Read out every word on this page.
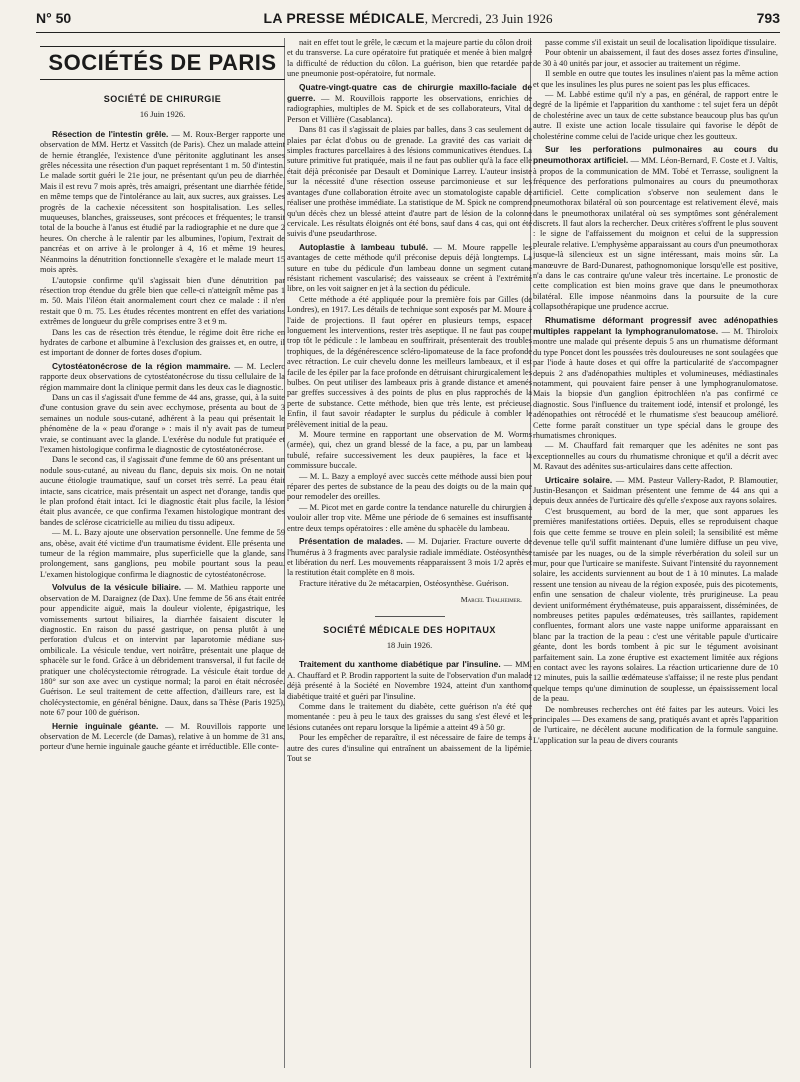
N° 50	LA PRESSE MÉDICALE, Mercredi, 23 Juin 1926	793
SOCIÉTÉS DE PARIS
SOCIÉTÉ DE CHIRURGIE
16 Juin 1926.

Résection de l'intestin grêle. — M. Roux-Berger rapporte une observation de MM. Hertz et Vassitch (de Paris). Chez un malade atteint de hernie étranglée, l'existence d'une péritonite agglutinant les anses grêles nécessita une résection d'un paquet représentant 1 m. 50 d'intestin. Le malade sortit guéri le 21e jour, ne présentant qu'un peu de diarrhée. Mais il est revu 7 mois après, très amaigri, présentant une diarrhée fétide, en même temps que de l'intolérance au lait, aux sucres, aux graisses. Les progrès de la cachexie nécessitent son hospitalisation. Les selles, muqueuses, blanches, graisseuses, sont précoces et fréquentes; le transit total de la bouche à l'anus est étudié par la radiographie et ne dure que 2 heures. On cherche à le ralentir par les albumines, l'opium, l'extrait de pancréas et on arrive à le prolonger à 4, 16 et même 19 heures. Néanmoins la dénutrition fonctionnelle s'exagère et le malade meurt 15 mois après.

L'autopsie confirme qu'il s'agissait bien d'une dénutrition par résection trop étendue du grêle bien que celle-ci n'atteignît même pas 1 m. 50. Mais l'iléon était anormalement court chez ce malade : il n'en restait que 0 m. 75. Les études récentes montrent en effet des variations extrêmes de longueur du grêle comprises entre 3 et 9 m.

Dans les cas de résection très étendue, le régime doit être riche en hydrates de carbone et albumine à l'exclusion des graisses et, en outre, il est important de donner de fortes doses d'opium.

Cytostéatonécrose de la région mammaire. — M. Leclerc rapporte deux observations de cytostéatonécrose du tissu cellulaire de la région mammaire dont la clinique permit dans les deux cas le diagnostic.

Dans un cas il s'agissait d'une femme de 44 ans, grasse, qui, à la suite d'une contusion grave du sein avec ecchymose, présenta au bout de 3 semaines un nodule sous-cutané, adhérent à la peau qui présentait le phénomène de la « peau d'orange » : mais il n'y avait pas de tumeur vraie, se continuant avec la glande. L'exérèse du nodule fut pratiquée et l'examen histologique confirma le diagnostic de cytostéatonécrose.

Dans le second cas, il s'agissait d'une femme de 60 ans présentant un nodule sous-cutané, au niveau du flanc, depuis six mois. On ne notait aucune étiologie traumatique, sauf un corset très serré. La peau était intacte, sans cicatrice, mais présentait un aspect net d'orange, tandis que le plan profond était intact. Ici le diagnostic était plus facile, la lésion était plus avancée, ce que confirma l'examen histologique montrant des bandes de sclérose cicatricielle au milieu du tissu adipeux.

— M. L. Bazy ajoute une observation personnelle. Une femme de 59 ans, obèse, avait été victime d'un traumatisme évident. Elle présenta une tumeur de la région mammaire, plus superficielle que la glande, sans prolongement, sans ganglions, peu mobile pourtant sous la peau. L'examen histologique confirma le diagnostic de cytostéatonécrose.

Volvulus de la vésicule biliaire. — M. Mathieu rapporte une observation de M. Daraignez (de Dax). Une femme de 56 ans était entrée pour appendicite aiguë, mais la douleur violente, épigastrique, les vomissements surtout biliaires, la diarrhée faisaient discuter le diagnostic. En raison du passé gastrique, on pensa plutôt à une perforation d'ulcus et on intervint par laparotomie médiane sus-ombilicale. La vésicule tendue, vert noirâtre, présentait une plaque de sphacèle sur le fond. Grâce à un débridement transversal, il fut facile de pratiquer une cholécystectomie rétrograde. La vésicule était tordue de 180° sur son axe avec un cystique normal; la paroi en était nécrosée. Guérison. Le seul traitement de cette affection, d'ailleurs rare, est la cholécystectomie, en général bénigne. Daux, dans sa Thèse (Paris 1925), note 67 pour 100 de guérison.

Hernie inguinale géante. — M. Rouvillois rapporte une observation de M. Lecercle (de Damas), relative à un homme de 31 ans, porteur d'une hernie inguinale gauche géante et irréductible. Elle conte-

nait en effet tout le grêle, le cæcum et la majeure partie du côlon droit et du transverse. La cure opératoire fut pratiquée et menée à bien malgré la difficulté de réduction du côlon. La guérison, bien que retardée par une pneumonie post-opératoire, fut normale.

Quatre-vingt-quatre cas de chirurgie maxillo-faciale de guerre. — M. Rouvillois rapporte les observations, enrichies de radiographies, multiples de M. Spick et de ses collaborateurs, Vital de Person et Villière (Casablanca).

Dans 81 cas il s'agissait de plaies par balles, dans 3 cas seulement de plaies par éclat d'obus ou de grenade. La gravité des cas variait de simples fractures parcellaires à des lésions communicatives étendues. La suture primitive fut pratiquée, mais il ne faut pas oublier qu'à la face elle était déjà préconisée par Desault et Dominique Larrey. L'auteur insiste sur la nécessité d'une résection osseuse parcimonieuse et sur les avantages d'une collaboration étroite avec un stomatologiste capable de réaliser une prothèse immédiate. La statistique de M. Spick ne comprend qu'un décès chez un blessé atteint d'autre part de lésion de la colonne cervicale. Les résultats éloignés ont été bons, sauf dans 4 cas, qui ont été suivis d'une pseudarthrose.

Autoplastie à lambeau tubulé. — M. Moure rappelle les avantages de cette méthode qu'il préconise depuis déjà longtemps. La suture en tube du pédicule d'un lambeau donne un segment cutané résistant richement vascularisé; des vaisseaux se créent à l'extrémité libre, on les voit saigner en jet à la section du pédicule.

Cette méthode a été appliquée pour la première fois par Gilles (de Londres), en 1917. Les détails de technique sont exposés par M. Moure à l'aide de projections. Il faut opérer en plusieurs temps, espacer longuement les interventions, rester très aseptique. Il ne faut pas couper trop tôt le pédicule : le lambeau en souffrirait, présenterait des troubles trophiques, de la dégénérescence scléro-lipomateuse de la face profonde avec rétraction. Le cuir chevelu donne les meilleurs lambeaux, et il est facile de les épiler par la face profonde en détruisant chirurgicalement les bulbes. On peut utiliser des lambeaux pris à grande distance et amenés par greffes successives à des points de plus en plus rapprochés de la perte de substance. Cette méthode, bien que très lente, est précieuse. Enfin, il faut savoir réadapter le surplus du pédicule à combler le prélèvement initial de la peau.

M. Moure termine en rapportant une observation de M. Worms (armée), qui, chez un grand blessé de la face, a pu, par un lambeau tubulé, refaire successivement les deux paupières, la face et la commissure buccale.

— M. L. Bazy a employé avec succès cette méthode aussi bien pour réparer des pertes de substance de la peau des doigts ou de la main que pour remodeler des oreilles.

— M. Picot met en garde contre la tendance naturelle du chirurgien à vouloir aller trop vite. Même une période de 6 semaines est insuffisante entre deux temps opératoires : elle amène du sphacèle du lambeau.

Présentation de malades. — M. Dujarier. Fracture ouverte de l'humérus à 3 fragments avec paralysie radiale immédiate. Ostéosynthèse et libération du nerf. Les mouvements réapparaissent 3 mois 1/2 après et la restitution était complète en 8 mois.

Fracture itérative du 2e métacarpien, Ostéosynthèse. Guérison.

Marcel Thalheimer.
SOCIÉTÉ MÉDICALE DES HOPITAUX
18 Juin 1926.

Traitement du xanthome diabétique par l'insuline. — MM. A. Chauffard et P. Brodin rapportent la suite de l'observation d'un malade déjà présenté à la Société en Novembre 1924, atteint d'un xanthome diabétique traité et guéri par l'insuline.

Comme dans le traitement du diabète, cette guérison n'a été que momentanée : peu à peu le taux des graisses du sang s'est élevé et les lésions cutanées ont reparu lorsque la lipémie a atteint 49 à 50 gr.

Pour les empêcher de reparaître, il est nécessaire de faire de temps à autre des cures d'insuline qui entraînent un abaissement de la lipémie. Tout se

passe comme s'il existait un seuil de localisation lipoïdique tissulaire.

Pour obtenir un abaissement, il faut des doses assez fortes d'insuline, de 30 à 40 unités par jour, et associer au traitement un régime.

Il semble en outre que toutes les insulines n'aient pas la même action et que les insulines les plus pures ne soient pas les plus efficaces.

— M. Labbé estime qu'il n'y a pas, en général, de rapport entre le degré de la lipémie et l'apparition du xanthome : tel sujet fera un dépôt de cholestérine avec un taux de cette substance beaucoup plus bas qu'un autre. Il existe une action locale tissulaire qui favorise le dépôt de cholestérine comme celui de l'acide urique chez les goutteux.

Sur les perforations pulmonaires au cours du pneumothorax artificiel. — MM. Léon-Bernard, F. Coste et J. Valtis, à propos de la communication de MM. Tobé et Terrasse, soulignent la fréquence des perforations pulmonaires au cours du pneumothorax artificiel. Cette complication s'observe non seulement dans le pneumothorax bilatéral où son pourcentage est relativement élevé, mais dans le pneumothorax unilatéral où ses symptômes sont généralement discrets. Il faut alors la rechercher. Deux critères s'offrent le plus souvent : le signe de l'affaissement du moignon et celui de la suppression pleurale relative. L'emphysème apparaissant au cours d'un pneumothorax jusque-là silencieux est un signe intéressant, mais moins sûr. La manœuvre de Bard-Dunarest, pathognomonique lorsqu'elle est positive, n'a dans le cas contraire qu'une valeur très incertaine. Le pronostic de cette complication est bien moins grave que dans le pneumothorax bilatéral. Elle impose néanmoins dans la poursuite de la cure collapsothérapique une prudence accrue.

Rhumatisme déformant progressif avec adénopathies multiples rappelant la lymphogranulomatose. — M. Thiroloix montre une malade qui présente depuis 5 ans un rhumatisme déformant du type Poncet dont les poussées très douloureuses ne sont soulagées que par l'iode à haute doses et qui offre la particularité de s'accompagner depuis 2 ans d'adénopathies multiples et volumineuses, médiastinales notamment, qui pouvaient faire penser à une lymphogranulomatose. Mais la biopsie d'un ganglion épitrochléen n'a pas confirmé ce diagnostic. Sous l'influence du traitement iodé, intensif et prolongé, les adénopathies ont rétrocédé et le rhumatisme s'est beaucoup amélioré. Cette forme paraît constituer un type spécial dans le groupe des rhumatismes chroniques.

— M. Chauffard fait remarquer que les adénites ne sont pas exceptionnelles au cours du rhumatisme chronique et qu'il a décrit avec M. Ravaut des adénites sus-articulaires dans cette affection.

Urticaire solaire. — MM. Pasteur Vallery-Radot, P. Blamoutier, Justin-Besançon et Saidman présentent une femme de 44 ans qui a depuis deux années de l'urticaire dès qu'elle s'expose aux rayons solaires.

C'est brusquement, au bord de la mer, que sont apparues les premières manifestations ortiées. Depuis, elles se reproduisent chaque fois que cette femme se trouve en plein soleil; la sensibilité est même devenue telle qu'il suffit maintenant d'une lumière diffuse un peu vive, tamisée par les nuages, ou de la simple réverbération du soleil sur un mur, pour que l'urticaire se manifeste. Suivant l'intensité du rayonnement solaire, les accidents surviennent au bout de 1 à 10 minutes. La malade ressent une tension au niveau de la région exposée, puis des picotements, enfin une sensation de chaleur violente, très prurigineuse. La peau devient uniformément érythémateuse, puis apparaissent, disséminées, de nombreuses petites papules œdémateuses, très saillantes, rapidement confluentes, formant alors une vaste nappe uniforme apparaissant en blanc par la traction de la peau : c'est une véritable papule d'urticaire géante, dont les bords tombent à pic sur le tégument avoisinant parfaitement sain. La zone éruptive est exactement limitée aux régions en contact avec les rayons solaires. La réaction urticarienne dure de 10 12 minutes, puis la saillie œdémateuse s'affaisse; il ne reste plus pendant quelque temps qu'une diminution de souplesse, un épaississement local de la peau.

De nombreuses recherches ont été faites par les auteurs. Voici les principales — Des examens de sang, pratiqués avant et après l'apparition de l'urticaire, ne décèlent aucune modification de la formule sanguine. L'application sur la peau de divers courants
